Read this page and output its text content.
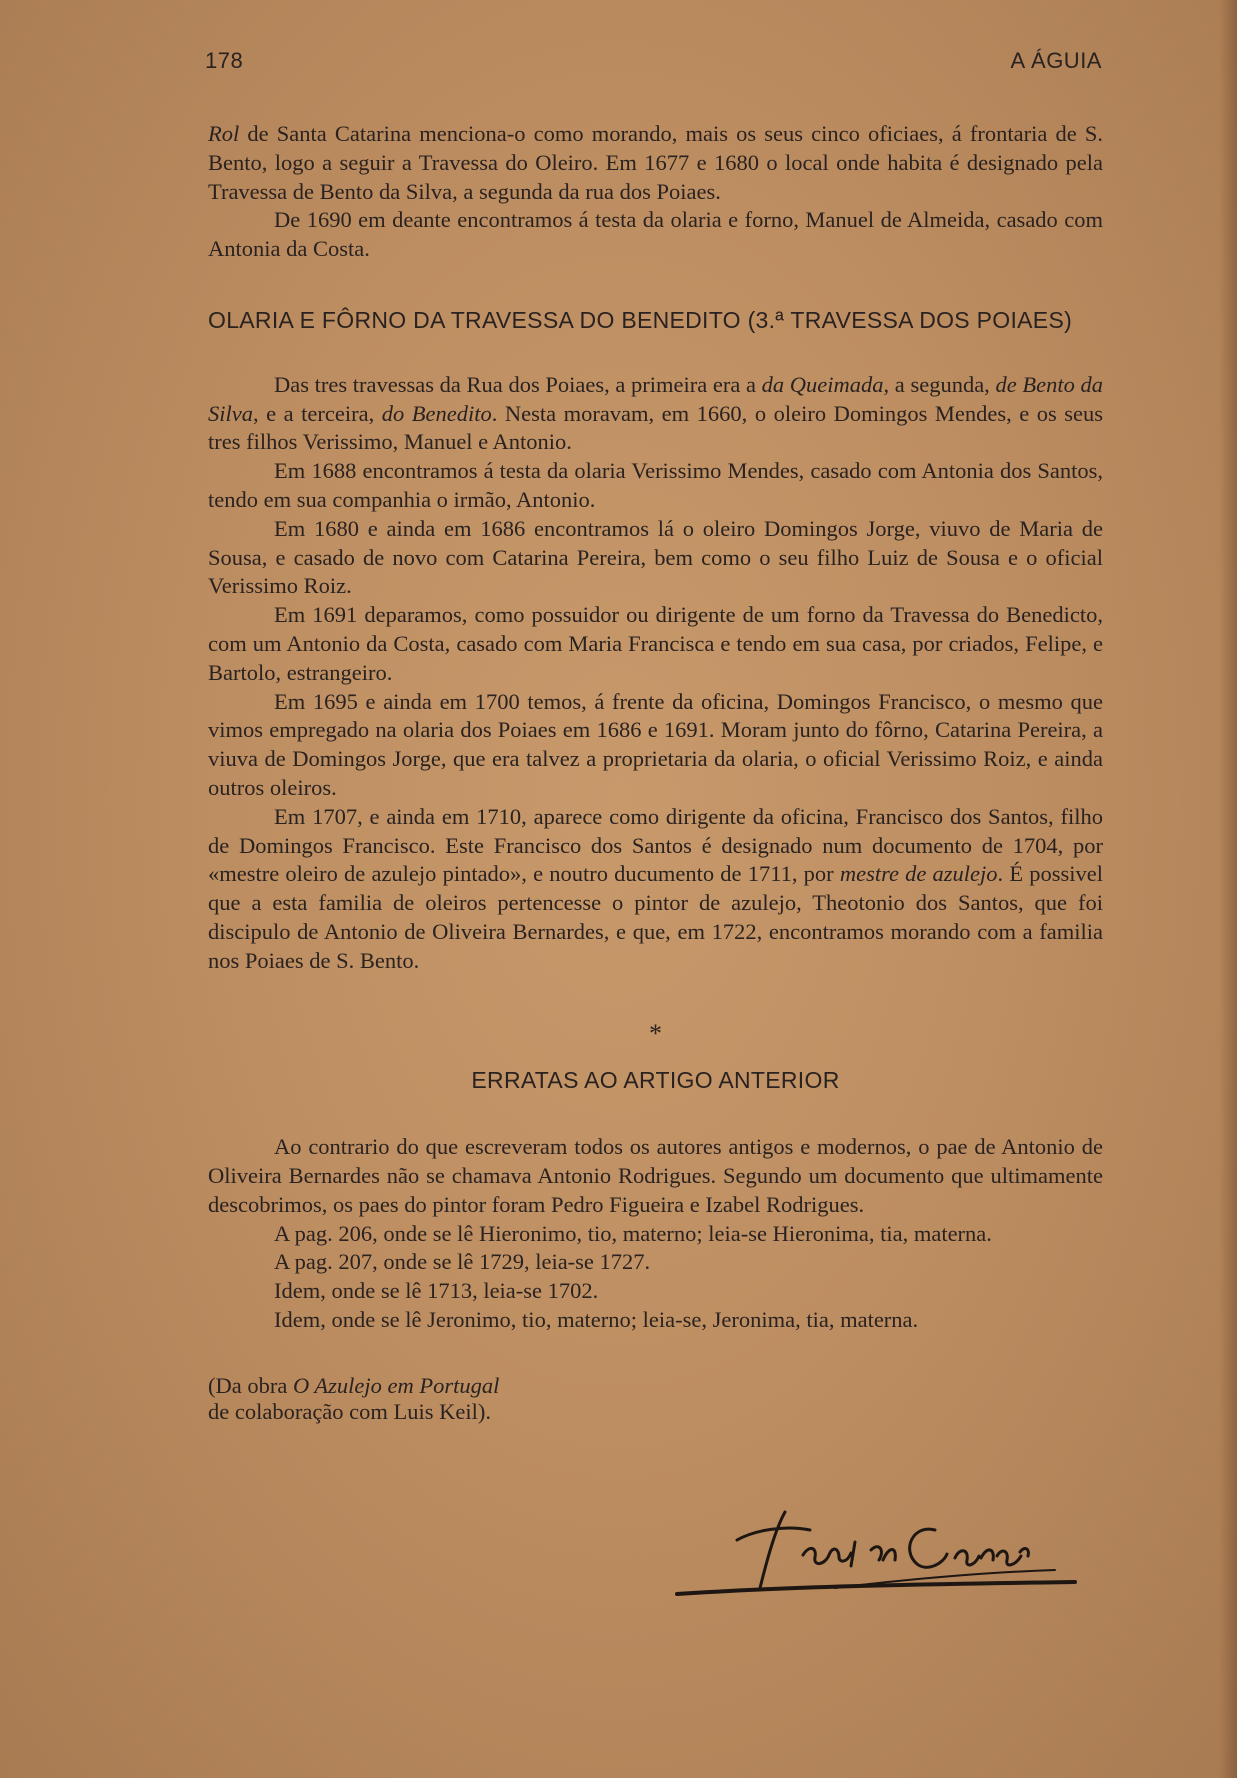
178	A ÁGUIA

Rol de Santa Catarina menciona-o como morando, mais os seus cinco oficiaes, á frontaria de S. Bento, logo a seguir a Travessa do Oleiro. Em 1677 e 1680 o local onde habita é designado pela Travessa de Bento da Silva, a segunda da rua dos Poiaes.

De 1690 em deante encontramos á testa da olaria e forno, Manuel de Almeida, casado com Antonia da Costa.

OLARIA E FÔRNO DA TRAVESSA DO BENEDITO (3.ª TRAVESSA DOS POIAES)

Das tres travessas da Rua dos Poiaes, a primeira era a da Queimada, a segunda, de Bento da Silva, e a terceira, do Benedito. Nesta moravam, em 1660, o oleiro Domingos Mendes, e os seus tres filhos Verissimo, Manuel e Antonio.

Em 1688 encontramos á testa da olaria Verissimo Mendes, casado com Antonia dos Santos, tendo em sua companhia o irmão, Antonio.

Em 1680 e ainda em 1686 encontramos lá o oleiro Domingos Jorge, viuvo de Maria de Sousa, e casado de novo com Catarina Pereira, bem como o seu filho Luiz de Sousa e o oficial Verissimo Roiz.

Em 1691 deparamos, como possuidor ou dirigente de um forno da Travessa do Benedicto, com um Antonio da Costa, casado com Maria Francisca e tendo em sua casa, por criados, Felipe, e Bartolo, estrangeiro.

Em 1695 e ainda em 1700 temos, á frente da oficina, Domingos Francisco, o mesmo que vimos empregado na olaria dos Poiaes em 1686 e 1691. Moram junto do fôrno, Catarina Pereira, a viuva de Domingos Jorge, que era talvez a proprietaria da olaria, o oficial Verissimo Roiz, e ainda outros oleiros.

Em 1707, e ainda em 1710, aparece como dirigente da oficina, Francisco dos Santos, filho de Domingos Francisco. Este Francisco dos Santos é designado num documento de 1704, por «mestre oleiro de azulejo pintado», e noutro ducumento de 1711, por mestre de azulejo. É possivel que a esta familia de oleiros pertencesse o pintor de azulejo, Theotonio dos Santos, que foi discipulo de Antonio de Oliveira Bernardes, e que, em 1722, encontramos morando com a familia nos Poiaes de S. Bento.

*
ERRATAS AO ARTIGO ANTERIOR

Ao contrario do que escreveram todos os autores antigos e modernos, o pae de Antonio de Oliveira Bernardes não se chamava Antonio Rodrigues. Segundo um documento que ultimamente descobrimos, os paes do pintor foram Pedro Figueira e Izabel Rodrigues.

A pag. 206, onde se lê Hieronimo, tio, materno; leia-se Hieronima, tia, materna.

A pag. 207, onde se lê 1729, leia-se 1727.

Idem, onde se lê 1713, leia-se 1702.

Idem, onde se lê Jeronimo, tio, materno; leia-se, Jeronima, tia, materna.

(Da obra O Azulejo em Portugal
de colaboração com Luis Keil).
